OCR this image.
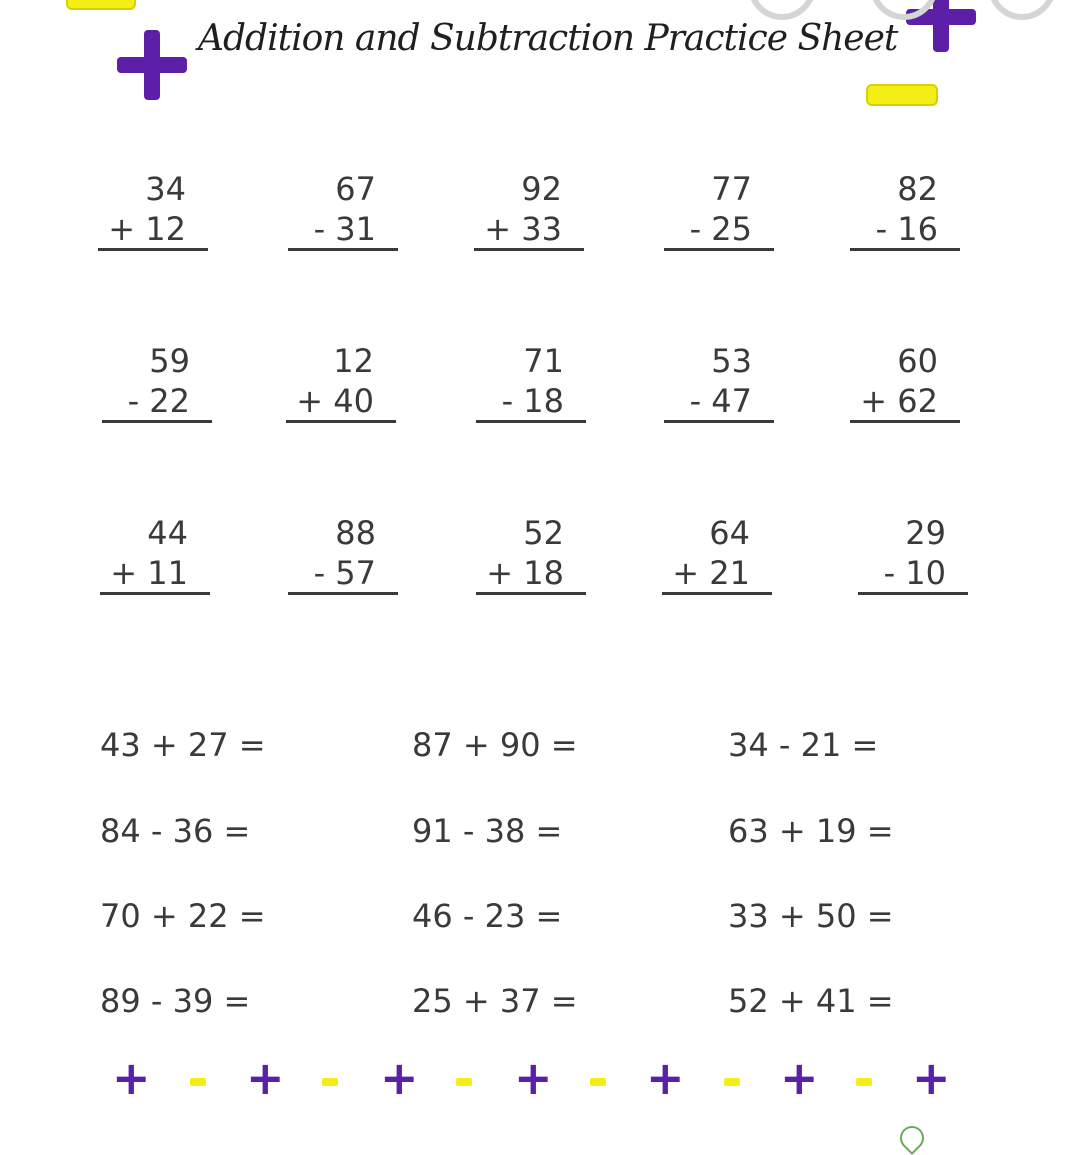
Addition and Subtraction Practice Sheet
34
+ 12
67
- 31
92
+ 33
77
- 25
82
- 16
59
- 22
12
+ 40
71
- 18
53
- 47
60
+ 62
44
+ 11
88
- 57
52
+ 18
64
+ 21
29
- 10
43 + 27 =	87 + 90 =	34 - 21 =
84 - 36 =	91 - 38 =	63 + 19 =
70 + 22 =	46 - 23 =	33 + 50 =
89 - 39 =	25 + 37 =	52 + 41 =
+ + + + + + +
